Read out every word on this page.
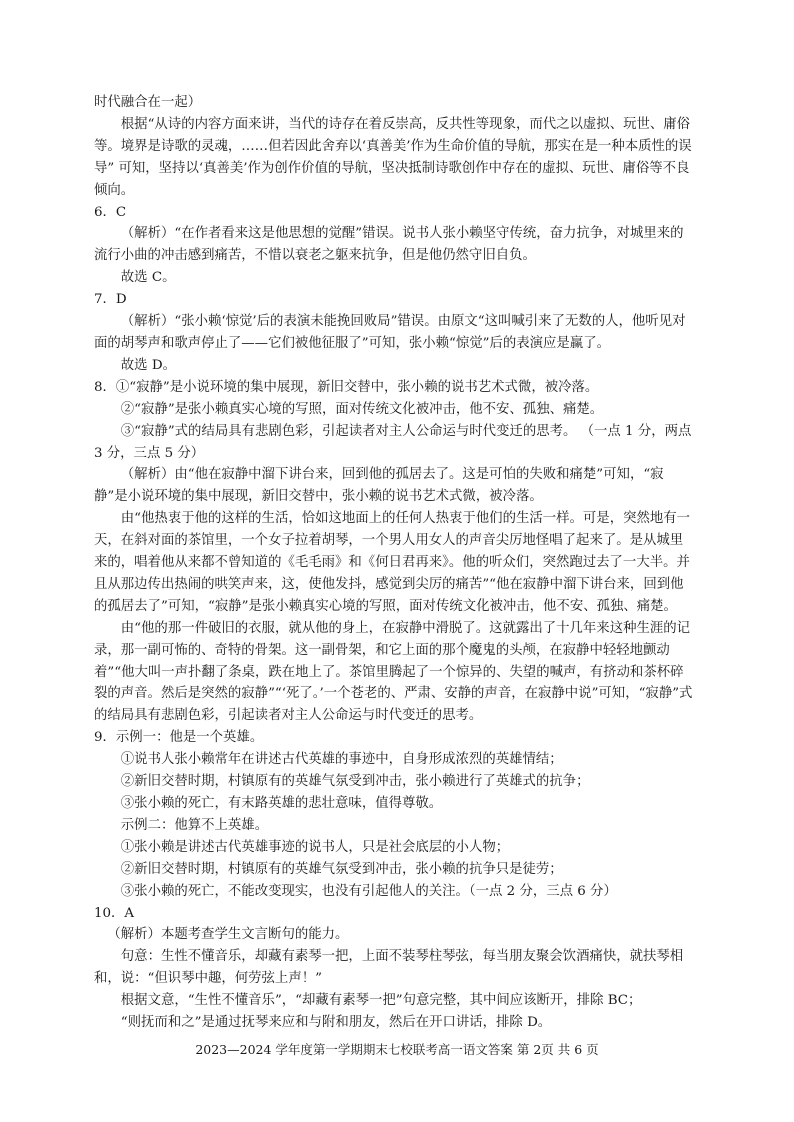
时代融合在一起）

根据“从诗的内容方面来讲，当代的诗存在着反崇高，反共性等现象，而代之以虚拟、玩世、庸俗等。境界是诗歌的灵魂，……但若因此舍弃以‘真善美’作为生命价值的导航，那实在是一种本质性的误导” 可知，坚持以‘真善美’作为创作价值的导航，坚决抵制诗歌创作中存在的虚拟、玩世、庸俗等不良倾向。

6．C

（解析）“在作者看来这是他思想的觉醒”错误。说书人张小赖坚守传统，奋力抗争，对城里来的流行小曲的冲击感到痛苦，不惜以衰老之躯来抗争，但是他仍然守旧自负。

故选 C。

7．D

（解析）“张小赖‘惊觉’后的表演未能挽回败局”错误。由原文“这叫喊引来了无数的人，他听见对面的胡琴声和歌声停止了——它们被他征服了”可知，张小赖“惊觉”后的表演应是赢了。

故选 D。

8．①“寂静”是小说环境的集中展现，新旧交替中，张小赖的说书艺术式微，被冷落。

②“寂静”是张小赖真实心境的写照，面对传统文化被冲击，他不安、孤独、痛楚。

③“寂静”式的结局具有悲剧色彩，引起读者对主人公命运与时代变迁的思考。 （一点 1 分，两点 3 分，三点 5 分）

（解析）由“他在寂静中溜下讲台来，回到他的孤居去了。这是可怕的失败和痛楚”可知，“寂静”是小说环境的集中展现，新旧交替中，张小赖的说书艺术式微，被冷落。

由“他热衷于他的这样的生活，恰如这地面上的任何人热衷于他们的生活一样。可是，突然地有一天，在斜对面的茶馆里，一个女子拉着胡琴，一个男人用女人的声音尖厉地怪唱了起来了。是从城里来的，唱着他从来都不曾知道的《毛毛雨》和《何日君再来》。他的听众们，突然跑过去了一大半。并且从那边传出热闹的哄笑声来，这，使他发抖，感觉到尖厉的痛苦”“他在寂静中溜下讲台来，回到他的孤居去了”可知，“寂静”是张小赖真实心境的写照，面对传统文化被冲击，他不安、孤独、痛楚。

由“他的那一件破旧的衣服，就从他的身上，在寂静中滑脱了。这就露出了十几年来这种生涯的记录，那一副可怖的、奇特的骨架。这一副骨架，和它上面的那个魔鬼的头颅，在寂静中轻轻地颤动着”“他大叫一声扑翻了条桌，跌在地上了。茶馆里腾起了一个惊异的、失望的喊声，有挤动和茶杯碎裂的声音。然后是突然的寂静”“‘死了。’一个苍老的、严肃、安静的声音，在寂静中说”可知，“寂静”式的结局具有悲剧色彩，引起读者对主人公命运与时代变迁的思考。

9．示例一：他是一个英雄。

①说书人张小赖常年在讲述古代英雄的事迹中，自身形成浓烈的英雄情结；

②新旧交替时期，村镇原有的英雄气氛受到冲击，张小赖进行了英雄式的抗争；

③张小赖的死亡，有末路英雄的悲壮意味，值得尊敬。

示例二：他算不上英雄。

①张小赖是讲述古代英雄事迹的说书人，只是社会底层的小人物；

②新旧交替时期，村镇原有的英雄气氛受到冲击，张小赖的抗争只是徒劳；

③张小赖的死亡，不能改变现实，也没有引起他人的关注。（一点 2 分，三点 6 分）

10．A

（解析）本题考查学生文言断句的能力。

句意：生性不懂音乐，却藏有素琴一把，上面不装琴柱琴弦，每当朋友聚会饮酒痛快，就扶琴相和，说：“但识琴中趣，何劳弦上声！”

根据文意，“生性不懂音乐”，“却藏有素琴一把”句意完整，其中间应该断开，排除 BC；

“则抚而和之”是通过抚琴来应和与附和朋友，然后在开口讲话，排除 D。

2023—2024 学年度第一学期期末七校联考高一语文答案 第 2页 共 6 页
